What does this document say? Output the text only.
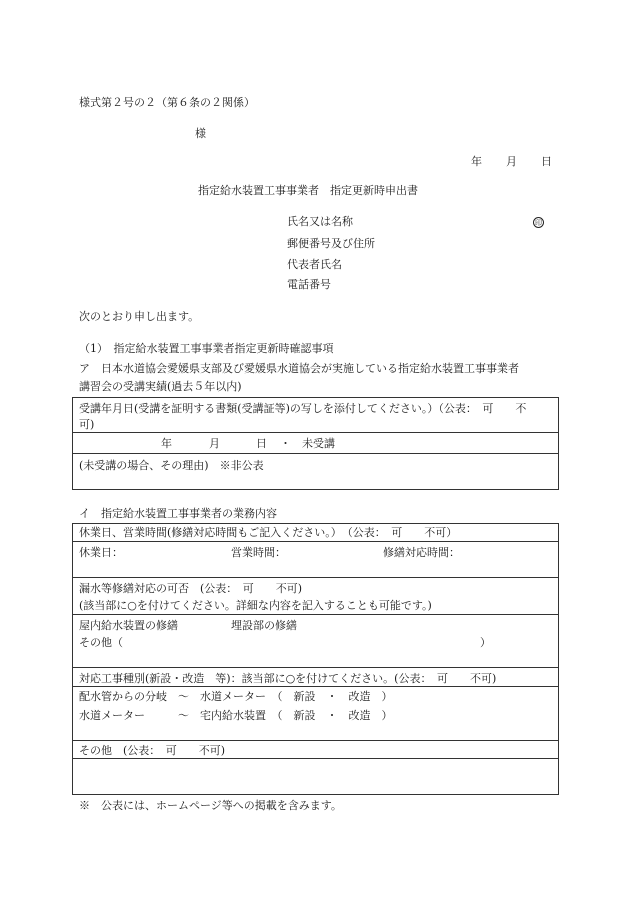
様式第２号の２（第６条の２関係）
様
年 月 日
指定給水装置工事事業者　指定更新時申出書
氏名又は名称	印
郵便番号及び住所
代表者氏名
電話番号
次のとおり申し出ます。
（1）　指定給水装置工事事業者指定更新時確認事項
ア　日本水道協会愛媛県支部及び愛媛県水道協会が実施している指定給水装置工事事業者
講習会の受講実績(過去５年以内)
受講年月日(受講を証明する書類(受講証等)の写しを添付してください。）（公表：　可　　不
可)
年	月	日 ・ 未受講
(未受講の場合、その理由)　※非公表
イ　指定給水装置工事事業者の業務内容
休業日、営業時間(修繕対応時間もご記入ください。）　（公表：　可　　不可）
休業日：	営業時間：	修繕対応時間：
漏水等修繕対応の可否　(公表：　可　　不可)
(該当部に○を付けてください。詳細な内容を記入することも可能です。)
屋内給水装置の修繕	埋設部の修繕
その他（	）
対応工事種別(新設・改造　等)：該当部に○を付けてください。(公表：　可　　不可)
配水管からの分岐　～　水道メーター　（　新設　・　改造　）
水道メーター　　　～　宅内給水装置　（　新設　・　改造　）
その他　(公表：　可　　不可)
※　公表には、ホームページ等への掲載を含みます。
